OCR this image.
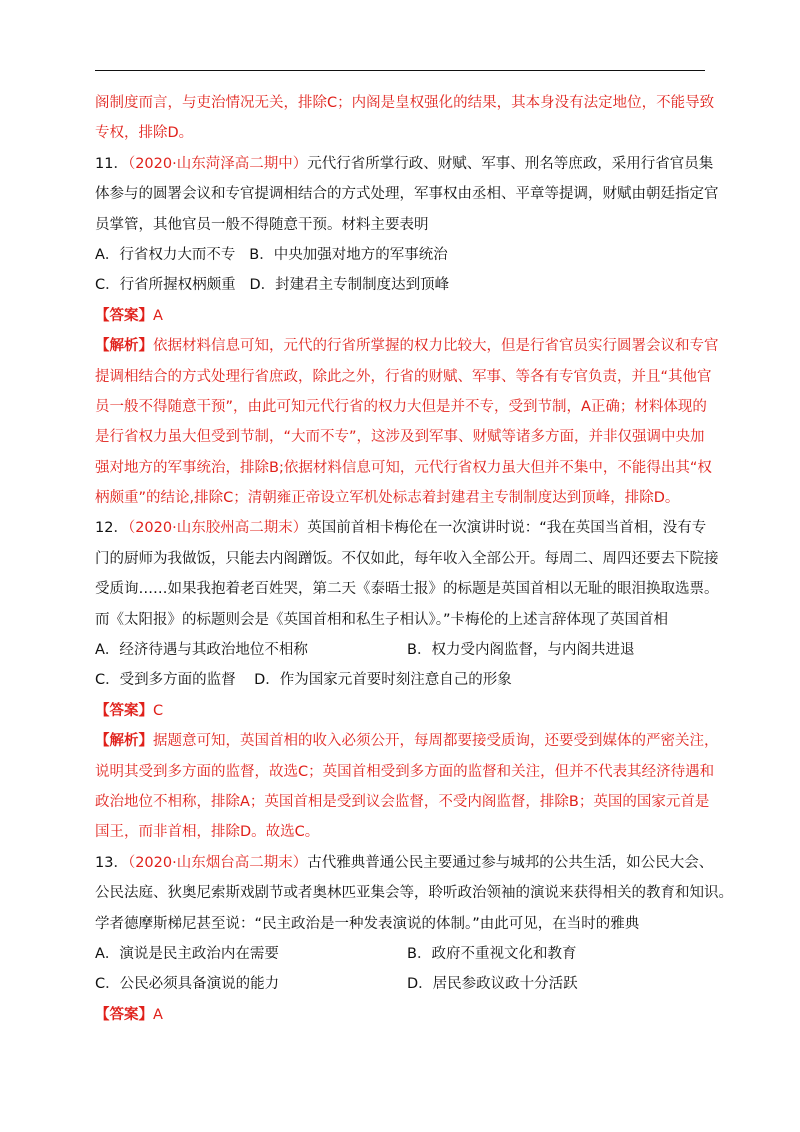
阁制度而言，与吏治情况无关，排除C；内阁是皇权强化的结果，其本身没有法定地位，不能导致
专权，排除D。
11．（2020·山东菏泽高二期中）元代行省所掌行政、财赋、军事、刑名等庶政，采用行省官员集
体参与的圆署会议和专官提调相结合的方式处理，军事权由丞相、平章等提调，财赋由朝廷指定官
员掌管，其他官员一般不得随意干预。材料主要表明
A．行省权力大而不专 B．中央加强对地方的军事统治
C．行省所握权柄颇重 D．封建君主专制制度达到顶峰
【答案】A
【解析】依据材料信息可知，元代的行省所掌握的权力比较大，但是行省官员实行圆署会议和专官
提调相结合的方式处理行省庶政，除此之外，行省的财赋、军事、等各有专官负责，并且“其他官
员一般不得随意干预”，由此可知元代行省的权力大但是并不专，受到节制，A正确；材料体现的
是行省权力虽大但受到节制，“大而不专”，这涉及到军事、财赋等诸多方面，并非仅强调中央加
强对地方的军事统治，排除B;依据材料信息可知，元代行省权力虽大但并不集中，不能得出其“权
柄颇重”的结论,排除C；清朝雍正帝设立军机处标志着封建君主专制制度达到顶峰，排除D。
12．（2020·山东胶州高二期末）英国前首相卡梅伦在一次演讲时说：“我在英国当首相，没有专
门的厨师为我做饭，只能去内阁蹭饭。不仅如此，每年收入全部公开。每周二、周四还要去下院接
受质询……如果我抱着老百姓哭，第二天《泰晤士报》的标题是英国首相以无耻的眼泪换取选票。
而《太阳报》的标题则会是《英国首相和私生子相认》。”卡梅伦的上述言辞体现了英国首相
A．经济待遇与其政治地位不相称	B．权力受内阁监督，与内阁共进退
C．受到多方面的监督 D．作为国家元首要时刻注意自己的形象
【答案】C
【解析】据题意可知，英国首相的收入必须公开，每周都要接受质询，还要受到媒体的严密关注，
说明其受到多方面的监督，故选C；英国首相受到多方面的监督和关注，但并不代表其经济待遇和
政治地位不相称，排除A；英国首相是受到议会监督，不受内阁监督，排除B；英国的国家元首是
国王，而非首相，排除D。故选C。
13．（2020·山东烟台高二期末）古代雅典普通公民主要通过参与城邦的公共生活，如公民大会、
公民法庭、狄奥尼索斯戏剧节或者奥林匹亚集会等，聆听政治领袖的演说来获得相关的教育和知识。
学者德摩斯梯尼甚至说：“民主政治是一种发表演说的体制。”由此可见，在当时的雅典
A．演说是民主政治内在需要	B．政府不重视文化和教育
C．公民必须具备演说的能力	D．居民参政议政十分活跃
【答案】A
